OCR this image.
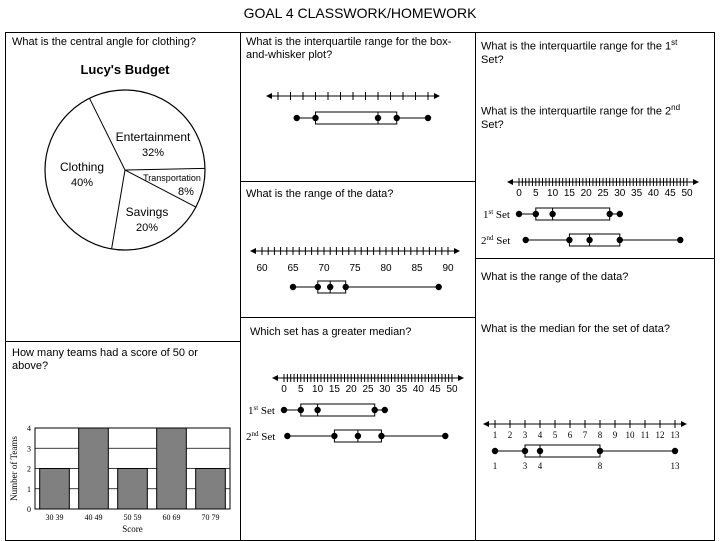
GOAL 4 CLASSWORK/HOMEWORK
What is the central angle for clothing?	What is the interquartile range for the box-and-whisker plot?
What is the interquartile range for the 1st
Set?
What is the interquartile range for the 2nd
Set?
What is the range of the data?
What is the range of the data?
Which set has a greater median?	What is the median for the set of data?
How many teams had a score of 50 or above?
Lucy's Budget
Entertainment
32%
Transportation
8%
Savings
20%
Clothing
40%
60 65 70 75 80 85 90
0 5 10 15 20 25 30 35 40 45 50
1st Set
2nd Set
0 5 10 15 20 25 30 35 40 45 50
1st Set
2nd Set
1 2 3 4 5 6 7 8 9 10 11 12 13
1	3 4	8	13
0
1
2
3
4
30 39	40 49	50 59	60 69	70 79
Score
Number of Teams
